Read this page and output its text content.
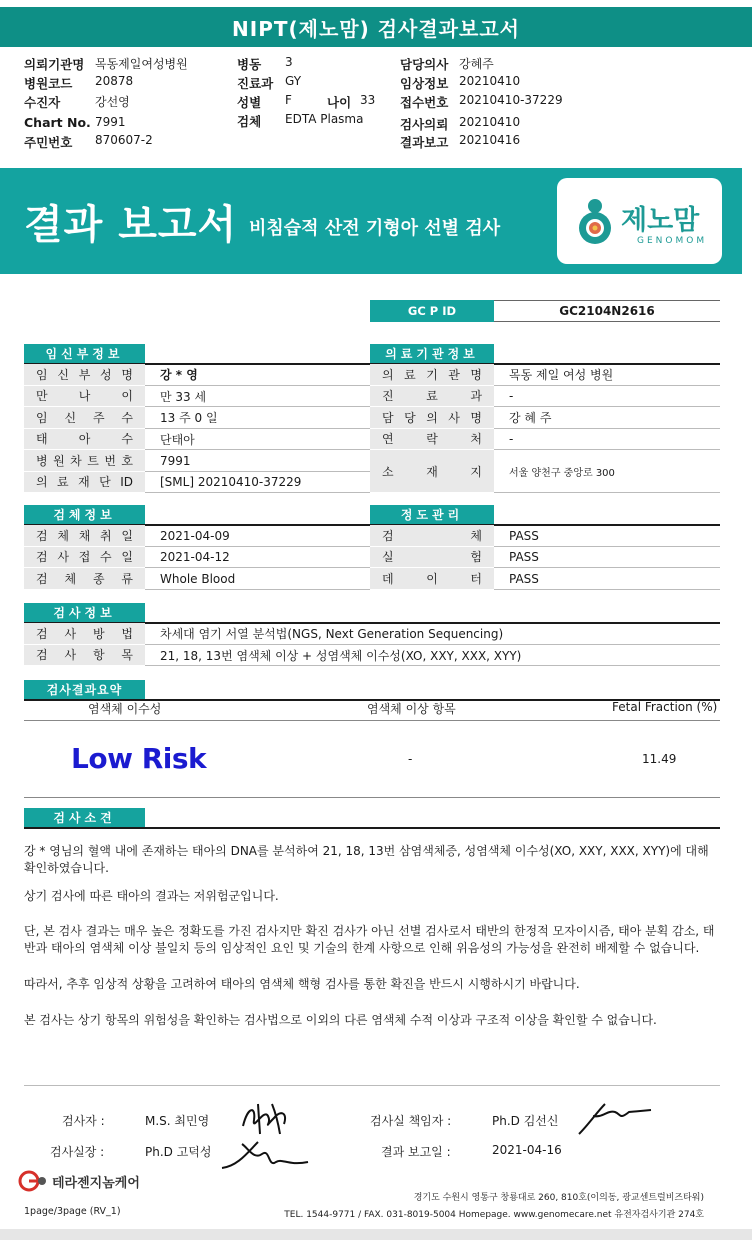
NIPT(제노맘) 검사결과보고서
의뢰기관명 목동제일여성병원
병원코드 20878
수진자	강선영
Chart No. 7991
주민번호 870607-2
병동 3
진료과 GY
성별 F	나이 33
검체 EDTA Plasma
담당의사 강혜주
임상정보 20210410
접수번호 20210410-37229
검사의뢰 20210410
결과보고 20210416
결과 보고서 비침습적 산전 기형아 선별 검사	제노맘
GENOMOM
GC P ID	GC2104N2616
임신부정보	의료기관정보
임 신 부 성 명 강 * 영
만	나	이 만 33 세
임 신 주 수 13 주 0 일
태	아	수 단태아
병 원 차 트 번 호 7991
의 료 재 단 ID [SML] 20210410-37229
의 료 기 관 명 목동 제일 여성 병원
진	료	과 -
담 당 의 사 명 강 혜 주
연	락	처 -
소	재	지	서울 양천구 중앙로 300
검체정보	정도관리
검 체 채 취 일 2021-04-09
검 사 접 수 일 2021-04-12
검 체 종 류 Whole Blood
검	체 PASS
실	험 PASS
데	이	터 PASS
검사정보
검 사 방 법 차세대 염기 서열 분석법(NGS, Next Generation Sequencing)
검 사 항 목 21, 18, 13번 염색체 이상 + 성염색체 이수성(XO, XXY, XXX, XYY)
검사결과요약
염색체 이수성	염색체 이상 항목	Fetal Fraction (%)
Low Risk	-	11.49
검사소견
강 * 영님의 혈액 내에 존재하는 태아의 DNA를 분석하여 21, 18, 13번 삼염색체증, 성염색체 이수성(XO, XXY, XXX, XYY)에 대해 확인하였습니다.
상기 검사에 따른 태아의 결과는 저위험군입니다.
단, 본 검사 결과는 매우 높은 정확도를 가진 검사지만 확진 검사가 아닌 선별 검사로서 태반의 한정적 모자이시즘, 태아 분획 감소, 태반과 태아의 염색체 이상 불일치 등의 임상적인 요인 및 기술의 한계 사항으로 인해 위음성의 가능성을 완전히 배제할 수 없습니다.
따라서, 추후 임상적 상황을 고려하여 태아의 염색체 핵형 검사를 통한 확진을 반드시 시행하시기 바랍니다.
본 검사는 상기 항목의 위험성을 확인하는 검사법으로 이외의 다른 염색체 수적 이상과 구조적 이상을 확인할 수 없습니다.
검사자 :	M.S. 최민영	검사실 책임자 :	Ph.D 김선신
검사실장 :	Ph.D 고덕성	결과 보고일 :	2021-04-16
테라젠지놈케어
경기도 수원시 영통구 창룡대로 260, 810호(이의동, 광교센트럴비즈타워)
TEL. 1544-9771 / FAX. 031-8019-5004 Homepage. www.genomecare.net 유전자검사기관 274호
1page/3page (RV_1)
